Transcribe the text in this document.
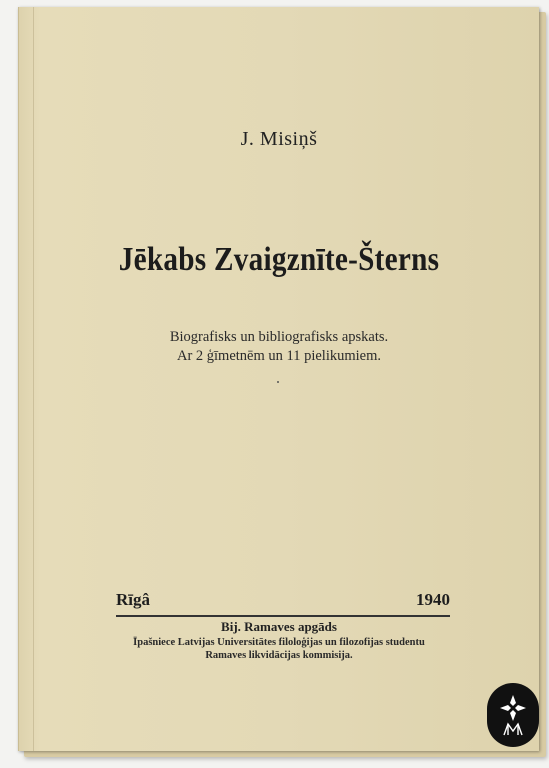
J. Misiņš
Jēkabs Zvaigznīte-Šterns
Biografisks un bibliografisks apskats.
Ar 2 ģīmetnēm un 11 pielikumiem.
Rīgâ	1940
Bij. Ramaves apgāds
Īpašniece Latvijas Universitātes filoloģijas un filozofijas studentu
Ramaves likvidācijas kommisija.
